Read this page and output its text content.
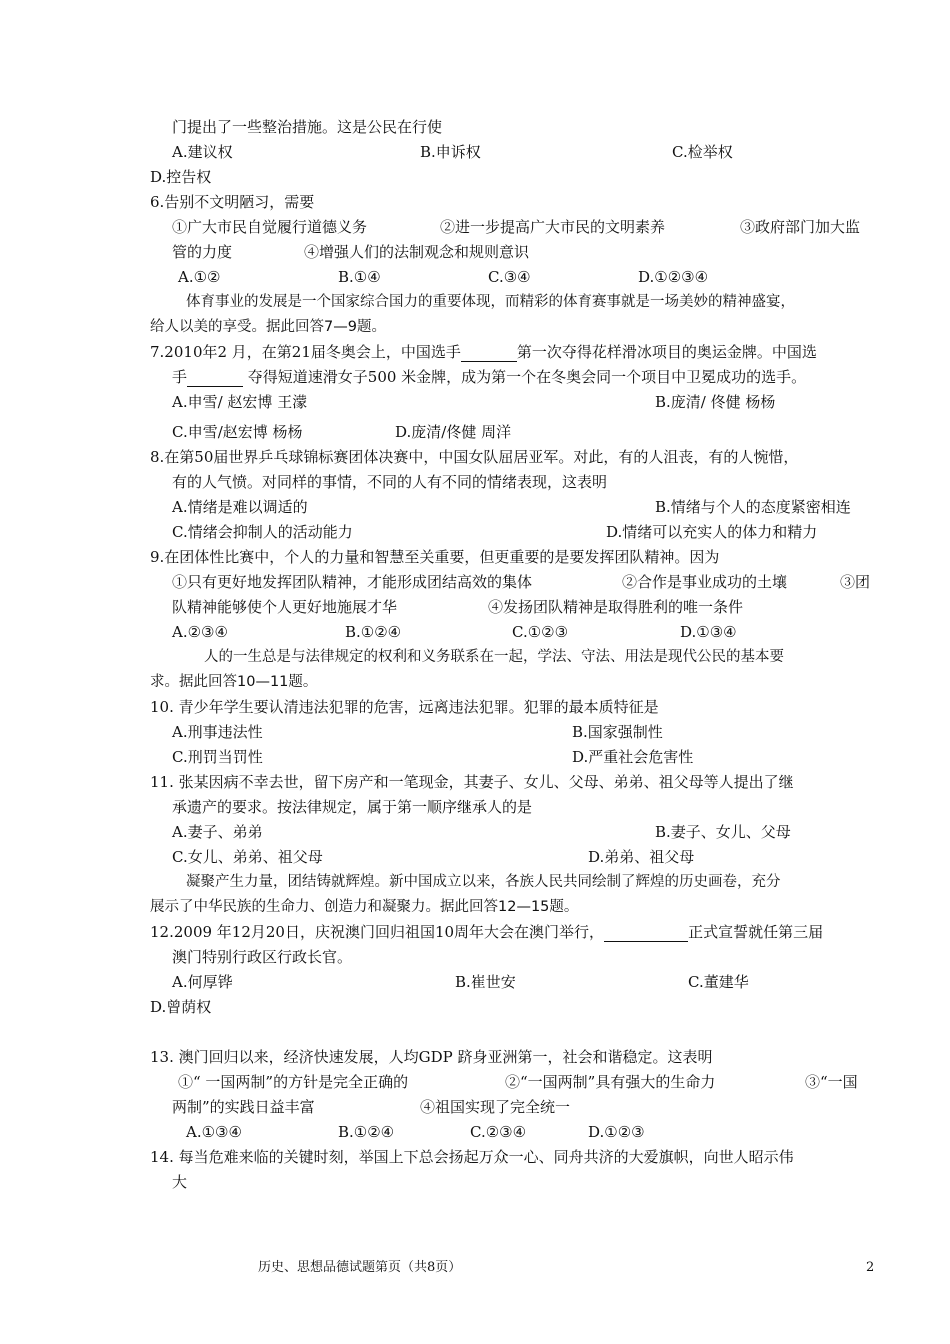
门提出了一些整治措施。这是公民在行使
A.建议权	B.申诉权	C.检举权
D.控告权
6.告别不文明陋习，需要
①广大市民自觉履行道德义务	②进一步提高广大市民的文明素养	③政府部门加大监
管的力度	④增强人们的法制观念和规则意识
A.①②	B.①④	C.③④	D.①②③④
体育事业的发展是一个国家综合国力的重要体现，而精彩的体育赛事就是一场美妙的精神盛宴，
给人以美的享受。据此回答7—9题。
7.2010年2 月，在第21届冬奥会上，中国选手	第一次夺得花样滑冰项目的奥运金牌。中国选
手	夺得短道速滑女子500 米金牌，成为第一个在冬奥会同一个项目中卫冕成功的选手。
A.申雪/ 赵宏博 王濛	B.庞清/ 佟健 杨杨
C.申雪/赵宏博 杨杨	D.庞清/佟健 周洋
8.在第50届世界乒乓球锦标赛团体决赛中，中国女队屈居亚军。对此，有的人沮丧，有的人惋惜，
有的人气愤。对同样的事情，不同的人有不同的情绪表现，这表明
A.情绪是难以调适的	B.情绪与个人的态度紧密相连
C.情绪会抑制人的活动能力	D.情绪可以充实人的体力和精力
9.在团体性比赛中，个人的力量和智慧至关重要，但更重要的是要发挥团队精神。因为
①只有更好地发挥团队精神，才能形成团结高效的集体	②合作是事业成功的土壤	③团
队精神能够使个人更好地施展才华	④发扬团队精神是取得胜利的唯一条件
A.②③④	B.①②④	C.①②③	D.①③④
人的一生总是与法律规定的权利和义务联系在一起，学法、守法、用法是现代公民的基本要
求。据此回答10—11题。
10. 青少年学生要认清违法犯罪的危害，远离违法犯罪。犯罪的最本质特征是
A.刑事违法性	B.国家强制性
C.刑罚当罚性	D.严重社会危害性
11. 张某因病不幸去世，留下房产和一笔现金，其妻子、女儿、父母、弟弟、祖父母等人提出了继
承遗产的要求。按法律规定，属于第一顺序继承人的是
A.妻子、弟弟	B.妻子、女儿、父母
C.女儿、弟弟、祖父母	D.弟弟、祖父母
凝聚产生力量，团结铸就辉煌。新中国成立以来，各族人民共同绘制了辉煌的历史画卷，充分
展示了中华民族的生命力、创造力和凝聚力。据此回答12—15题。
12.2009 年12月20日，庆祝澳门回归祖国10周年大会在澳门举行，	正式宣誓就任第三届
澳门特别行政区行政长官。
A.何厚铧	B.崔世安	C.董建华
D.曾荫权
13. 澳门回归以来，经济快速发展，人均GDP 跻身亚洲第一，社会和谐稳定。这表明
①“ 一国两制”的方针是完全正确的	②“一国两制”具有强大的生命力	③“一国
两制”的实践日益丰富	④祖国实现了完全统一
A.①③④	B.①②④	C.②③④	D.①②③
14. 每当危难来临的关键时刻，举国上下总会扬起万众一心、同舟共济的大爱旗帜，向世人昭示伟
大
历史、思想品德试题第页（共8页）	2
